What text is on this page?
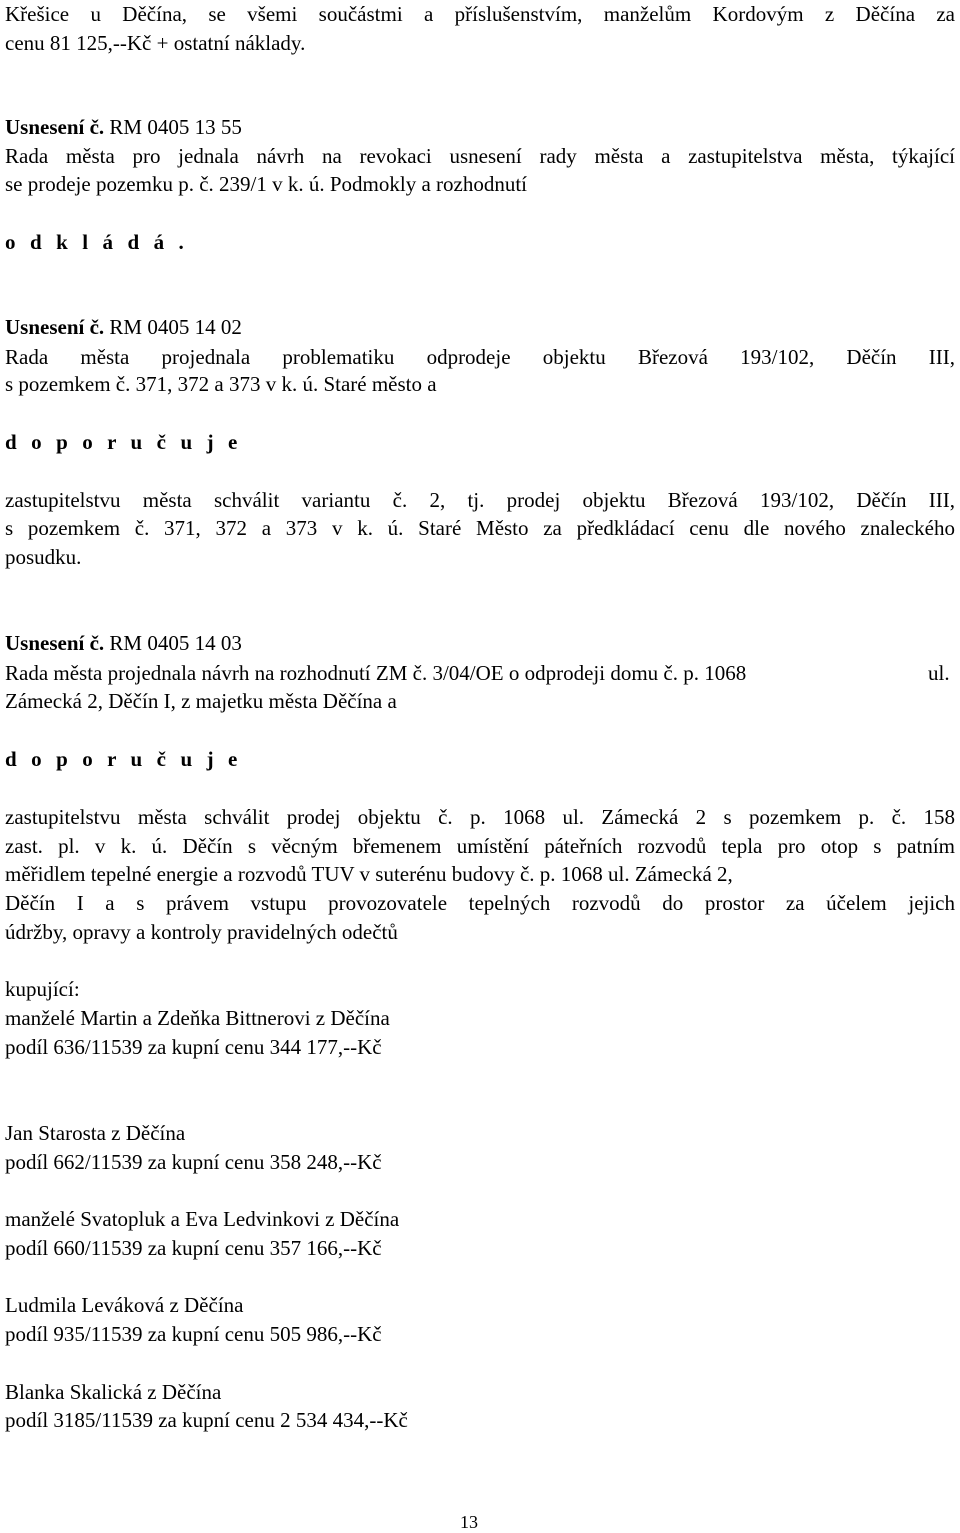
Křešice u Děčína, se všemi součástmi a příslušenstvím, manželům Kordovým z Děčína za

cenu 81 125,--Kč + ostatní náklady.

Usnesení č. RM 0405 13 55

Rada města pro jednala návrh na revokaci usnesení rady města a zastupitelstva města, týkající

se prodeje pozemku p. č. 239/1 v k. ú. Podmokly a rozhodnutí

o d k l á d á .

Usnesení č. RM 0405 14 02

Rada města projednala problematiku odprodeje objektu Březová 193/102, Děčín III,

s pozemkem č. 371, 372 a 373 v k. ú. Staré město a

d o p o r u č u j e

zastupitelstvu města schválit variantu č. 2, tj. prodej objektu Březová 193/102, Děčín III,

s pozemkem č. 371, 372 a 373 v k. ú. Staré Město za předkládací cenu dle nového znaleckého

posudku.

Usnesení č. RM 0405 14 03

Rada města projednala návrh na rozhodnutí ZM č. 3/04/OE o odprodeji domu č. p. 1068	ul.

Zámecká 2, Děčín I, z majetku města Děčína a

d o p o r u č u j e

zastupitelstvu města schválit prodej objektu č. p. 1068 ul. Zámecká 2 s pozemkem p. č. 158

zast. pl. v k. ú. Děčín s věcným břemenem umístění páteřních rozvodů tepla pro otop s patním

měřidlem tepelné energie a rozvodů TUV v suterénu budovy č. p. 1068 ul. Zámecká 2,

Děčín I a s právem vstupu provozovatele tepelných rozvodů do prostor za účelem jejich

údržby, opravy a kontroly pravidelných odečtů

kupující:

manželé Martin a Zdeňka Bittnerovi z Děčína

podíl 636/11539 za kupní cenu 344 177,--Kč

Jan Starosta z Děčína

podíl 662/11539 za kupní cenu 358 248,--Kč

manželé Svatopluk a Eva Ledvinkovi z Děčína

podíl 660/11539 za kupní cenu 357 166,--Kč

Ludmila Leváková z Děčína

podíl 935/11539 za kupní cenu 505 986,--Kč

Blanka Skalická z Děčína

podíl 3185/11539 za kupní cenu 2 534 434,--Kč

13
